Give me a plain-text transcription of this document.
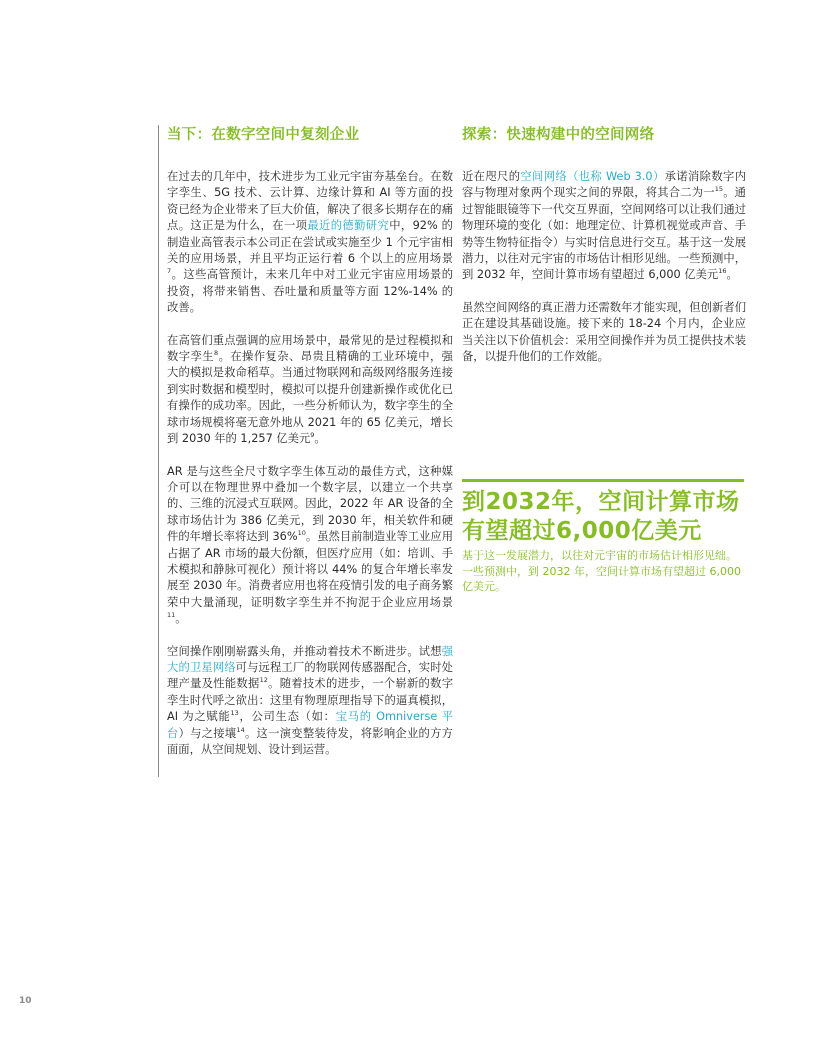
当下：在数字空间中复刻企业

在过去的几年中，技术进步为工业元宇宙夯基垒台。在数字孪生、5G 技术、云计算、边缘计算和 AI 等方面的投资已经为企业带来了巨大价值，解决了很多长期存在的痛点。这正是为什么，在一项最近的德勤研究中，92% 的制造业高管表示本公司正在尝试或实施至少 1 个元宇宙相关的应用场景，并且平均正运行着 6 个以上的应用场景$^7$。这些高管预计，未来几年中对工业元宇宙应用场景的投资，将带来销售、吞吐量和质量等方面 12%-14% 的改善。

在高管们重点强调的应用场景中，最常见的是过程模拟和数字孪生$^8$。在操作复杂、昂贵且精确的工业环境中，强大的模拟是救命稻草。当通过物联网和高级网络服务连接到实时数据和模型时，模拟可以提升创建新操作或优化已有操作的成功率。因此，一些分析师认为，数字孪生的全球市场规模将毫无意外地从 2021 年的 65 亿美元，增长到 2030 年的 1,257 亿美元$^9$。

AR 是与这些全尺寸数字孪生体互动的最佳方式，这种媒介可以在物理世界中叠加一个数字层，以建立一个共享的、三维的沉浸式互联网。因此，2022 年 AR 设备的全球市场估计为 386 亿美元，到 2030 年，相关软件和硬件的年增长率将达到 36%$^{10}$。虽然目前制造业等工业应用占据了 AR 市场的最大份额，但医疗应用（如：培训、手术模拟和静脉可视化）预计将以 44% 的复合年增长率发展至 2030 年。消费者应用也将在疫情引发的电子商务繁荣中大量涌现，证明数字孪生并不拘泥于企业应用场景$^{11}$。

空间操作刚刚崭露头角，并推动着技术不断进步。试想强大的卫星网络可与远程工厂的物联网传感器配合，实时处理产量及性能数据$^{12}$。随着技术的进步，一个崭新的数字孪生时代呼之欲出：这里有物理原理指导下的逼真模拟，AI 为之赋能$^{13}$，公司生态（如：宝马的 Omniverse 平台）与之接壤$^{14}$。这一演变整装待发，将影响企业的方方面面，从空间规划、设计到运营。

探索：快速构建中的空间网络

近在咫尺的空间网络（也称 Web 3.0）承诺消除数字内容与物理对象两个现实之间的界限，将其合二为一$^{15}$。通过智能眼镜等下一代交互界面，空间网络可以让我们通过物理环境的变化（如：地理定位、计算机视觉或声音、手势等生物特征指令）与实时信息进行交互。基于这一发展潜力，以往对元宇宙的市场估计相形见绌。一些预测中，到 2032 年，空间计算市场有望超过 6,000 亿美元$^{16}$。

虽然空间网络的真正潜力还需数年才能实现，但创新者们正在建设其基础设施。接下来的 18-24 个月内，企业应当关注以下价值机会：采用空间操作并为员工提供技术装备，以提升他们的工作效能。

到2032年，空间计算市场有望超过6,000亿美元

基于这一发展潜力，以往对元宇宙的市场估计相形见绌。一些预测中，到 2032 年，空间计算市场有望超过 6,000 亿美元。

10
